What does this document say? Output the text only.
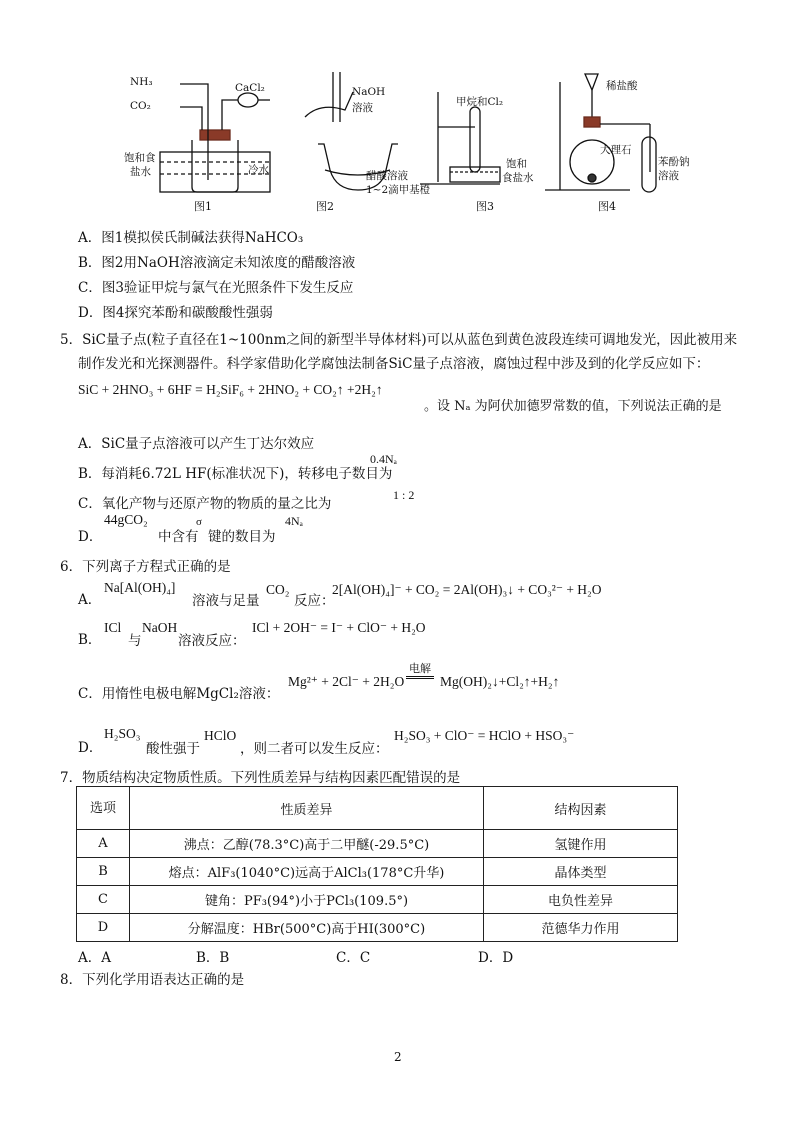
NH₃
CO₂
CaCl₂
饱和食
盐水	冷水
图1
NaOH
溶液
醋酸溶液
1~2滴甲基橙
图2
甲烷和Cl₂
饱和
食盐水
图3
稀盐酸
大理石
苯酚钠
溶液
图4
A．图1模拟侯氏制碱法获得NaHCO₃
B．图2用NaOH溶液滴定未知浓度的醋酸溶液
C．图3验证甲烷与氯气在光照条件下发生反应
D．图4探究苯酚和碳酸酸性强弱
5．SiC量子点(粒子直径在1~100nm之间的新型半导体材料)可以从蓝色到黄色波段连续可调地发光，因此被用来
制作发光和光探测器件。科学家借助化学腐蚀法制备SiC量子点溶液，腐蚀过程中涉及到的化学反应如下：
SiC + 2HNO₃ + 6HF = H₂SiF₆ + 2HNO₂ + CO₂↑ +2H₂↑
。设 Nₐ 为阿伏加德罗常数的值，下列说法正确的是
A．SiC量子点溶液可以产生丁达尔效应
B．每消耗6.72L HF(标准状况下)，转移电子数目为
0.4Nₐ
C．氧化产物与还原产物的物质的量之比为
1 : 2
D．
44gCO₂
中含有
σ
键的数目为
4Nₐ
6．下列离子方程式正确的是
A．
Na[Al(OH)₄]
溶液与足量
CO₂
反应：
2[Al(OH)₄]⁻ + CO₂ = 2Al(OH)₃↓ + CO₃²⁻ + H₂O
B．
ICl
与
NaOH
溶液反应：
ICl + 2OH⁻ = I⁻ + ClO⁻ + H₂O
C．用惰性电极电解MgCl₂溶液：
Mg²⁺ + 2Cl⁻ + 2H₂O
电解
Mg(OH)₂↓+Cl₂↑+H₂↑
D．
H₂SO₃
酸性强于
HClO
，则二者可以发生反应：
H₂SO₃ + ClO⁻ = HClO + HSO₃⁻
7．物质结构决定物质性质。下列性质差异与结构因素匹配错误的是
选项	性质差异	结构因素
A	沸点：乙醇(78.3°C)高于二甲醚(-29.5°C)	氢键作用
B	熔点：AlF₃(1040°C)远高于AlCl₃(178°C升华)	晶体类型
C	键角：PF₃(94°)小于PCl₃(109.5°)	电负性差异
D	分解温度：HBr(500°C)高于HI(300°C)	范德华力作用
A．A	B．B	C．C	D．D
8．下列化学用语表达正确的是
2
